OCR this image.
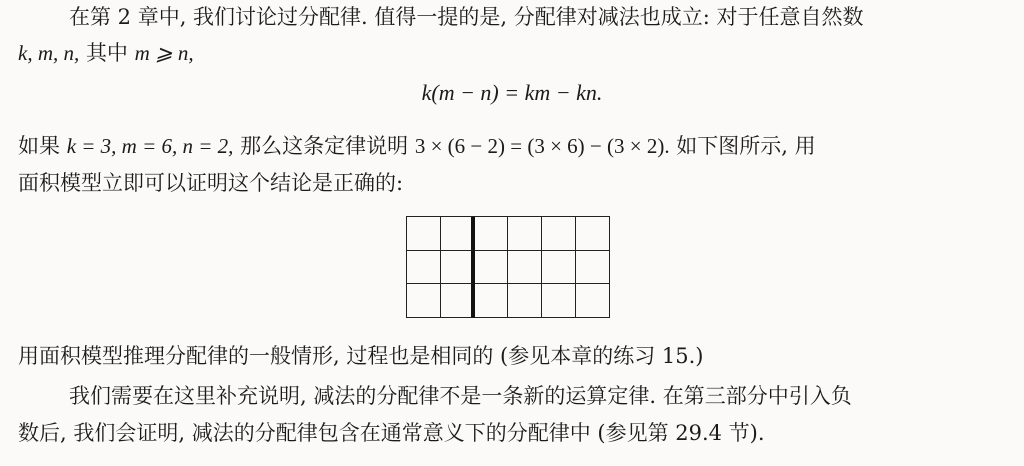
在第 2 章中, 我们讨论过分配律. 值得一提的是, 分配律对减法也成立: 对于任意自然数
k, m, n, 其中 m ⩾ n,
k(m − n) = km − kn.
如果 k = 3, m = 6, n = 2, 那么这条定律说明 3 × (6 − 2) = (3 × 6) − (3 × 2). 如下图所示, 用
面积模型立即可以证明这个结论是正确的:
用面积模型推理分配律的一般情形, 过程也是相同的 (参见本章的练习 15.)
我们需要在这里补充说明, 减法的分配律不是一条新的运算定律. 在第三部分中引入负
数后, 我们会证明, 减法的分配律包含在通常意义下的分配律中 (参见第 29.4 节).
